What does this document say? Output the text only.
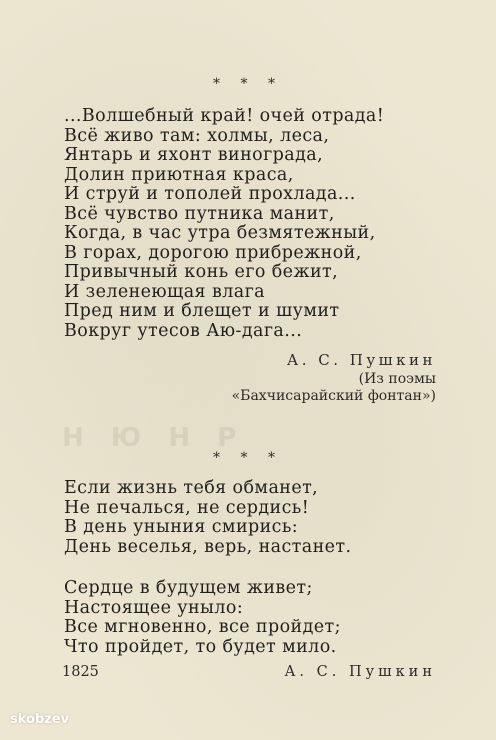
* * *
...Волшебный край! очей отрада!
Всё живо там: холмы, леса,
Янтарь и яхонт винограда,
Долин приютная краса,
И струй и тополей прохлада...
Всё чувство путника манит,
Когда, в час утра безмятежный,
В горах, дорогою прибрежной,
Привычный конь его бежит,
И зеленеющая влага
Пред ним и блещет и шумит
Вокруг утесов Аю-дага...
А. С. Пушкин
(Из поэмы
«Бахчисарайский фонтан»)
Н Ю Н Р
* * *
Если жизнь тебя обманет,
Не печалься, не сердись!
В день уныния смирись:
День веселья, верь, настанет.
Сердце в будущем живет;
Настоящее уныло:
Все мгновенно, все пройдет;
Что пройдет, то будет мило.
1825	А. С. Пушкин
skobzev
